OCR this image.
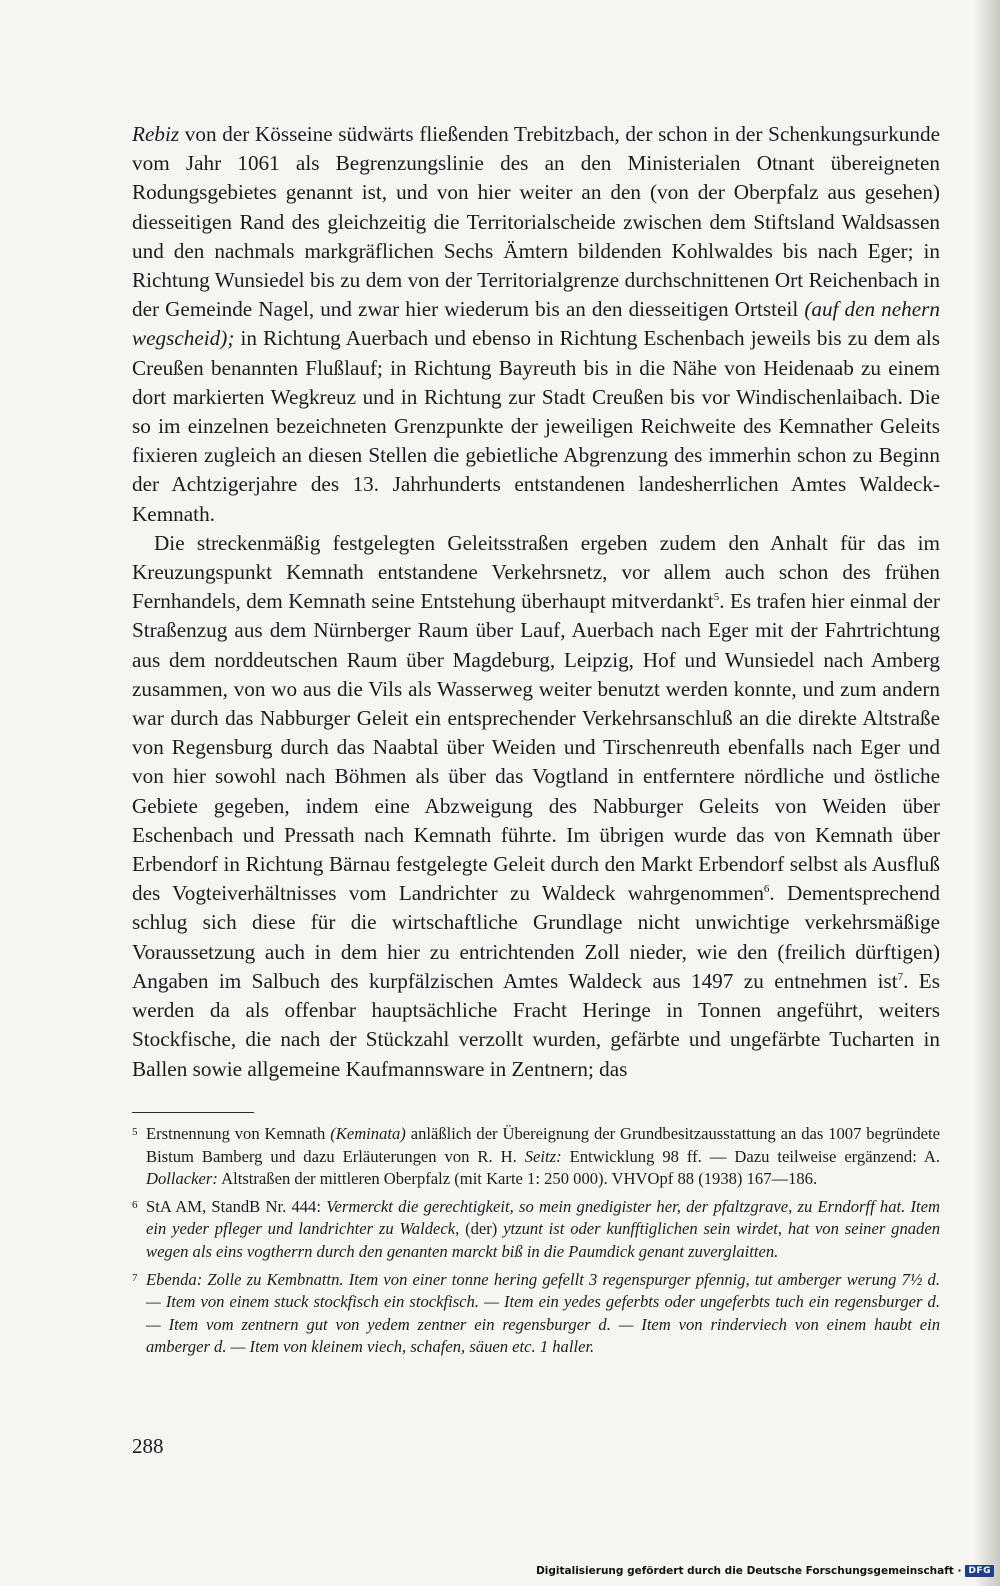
Rebiz von der Kösseine südwärts fließenden Trebitzbach, der schon in der Schenkungsurkunde vom Jahr 1061 als Begrenzungslinie des an den Ministerialen Otnant übereigneten Rodungsgebietes genannt ist, und von hier weiter an den (von der Oberpfalz aus gesehen) diesseitigen Rand des gleichzeitig die Territorialscheide zwischen dem Stiftsland Waldsassen und den nachmals markgräflichen Sechs Ämtern bildenden Kohlwaldes bis nach Eger; in Richtung Wunsiedel bis zu dem von der Territorialgrenze durchschnittenen Ort Reichenbach in der Gemeinde Nagel, und zwar hier wiederum bis an den diesseitigen Ortsteil (auf den nehern wegscheid); in Richtung Auerbach und ebenso in Richtung Eschenbach jeweils bis zu dem als Creußen benannten Flußlauf; in Richtung Bayreuth bis in die Nähe von Heidenaab zu einem dort markierten Wegkreuz und in Richtung zur Stadt Creußen bis vor Windischenlaibach. Die so im einzelnen bezeichneten Grenzpunkte der jeweiligen Reichweite des Kemnather Geleits fixieren zugleich an diesen Stellen die gebietliche Abgrenzung des immerhin schon zu Beginn der Achtzigerjahre des 13. Jahrhunderts entstandenen landesherrlichen Amtes Waldeck-Kemnath.

Die streckenmäßig festgelegten Geleitsstraßen ergeben zudem den Anhalt für das im Kreuzungspunkt Kemnath entstandene Verkehrsnetz, vor allem auch schon des frühen Fernhandels, dem Kemnath seine Entstehung überhaupt mitverdankt$^5$. Es trafen hier einmal der Straßenzug aus dem Nürnberger Raum über Lauf, Auerbach nach Eger mit der Fahrtrichtung aus dem norddeutschen Raum über Magdeburg, Leipzig, Hof und Wunsiedel nach Amberg zusammen, von wo aus die Vils als Wasserweg weiter benutzt werden konnte, und zum andern war durch das Nabburger Geleit ein entsprechender Verkehrsanschluß an die direkte Altstraße von Regensburg durch das Naabtal über Weiden und Tirschenreuth ebenfalls nach Eger und von hier sowohl nach Böhmen als über das Vogtland in entferntere nördliche und östliche Gebiete gegeben, indem eine Abzweigung des Nabburger Geleits von Weiden über Eschenbach und Pressath nach Kemnath führte. Im übrigen wurde das von Kemnath über Erbendorf in Richtung Bärnau festgelegte Geleit durch den Markt Erbendorf selbst als Ausfluß des Vogteiverhältnisses vom Landrichter zu Waldeck wahrgenommen$^6$. Dementsprechend schlug sich diese für die wirtschaftliche Grundlage nicht unwichtige verkehrsmäßige Voraussetzung auch in dem hier zu entrichtenden Zoll nieder, wie den (freilich dürftigen) Angaben im Salbuch des kurpfälzischen Amtes Waldeck aus 1497 zu entnehmen ist$^7$. Es werden da als offenbar hauptsächliche Fracht Heringe in Tonnen angeführt, weiters Stockfische, die nach der Stückzahl verzollt wurden, gefärbte und ungefärbte Tucharten in Ballen sowie allgemeine Kaufmannsware in Zentnern; das

5 Erstnennung von Kemnath (Keminata) anläßlich der Übereignung der Grundbesitzausstattung an das 1007 begründete Bistum Bamberg und dazu Erläuterungen von R. H. Seitz: Entwicklung 98 ff. — Dazu teilweise ergänzend: A. Dollacker: Altstraßen der mittleren Oberpfalz (mit Karte 1: 250 000). VHVOpf 88 (1938) 167—186.

6 StA AM, StandB Nr. 444: Vermerckt die gerechtigkeit, so mein gnedigister her, der pfaltzgrave, zu Erndorff hat. Item ein yeder pfleger und landrichter zu Waldeck, (der) ytzunt ist oder kunfftiglichen sein wirdet, hat von seiner gnaden wegen als eins vogtherrn durch den genanten marckt biß in die Paumdick genant zuverglaitten.

7 Ebenda: Zolle zu Kembnattn. Item von einer tonne hering gefellt 3 regenspurger pfennig, tut amberger werung 7½ d. — Item von einem stuck stockfisch ein stockfisch. — Item ein yedes geferbts oder ungeferbts tuch ein regensburger d. — Item vom zentnern gut von yedem zentner ein regensburger d. — Item von rindervіech von einem haubt ein amberger d. — Item von kleinem viech, schafen, säuen etc. 1 haller.

288
Digitalisierung gefördert durch die Deutsche Forschungsgemeinschaft · DFG
